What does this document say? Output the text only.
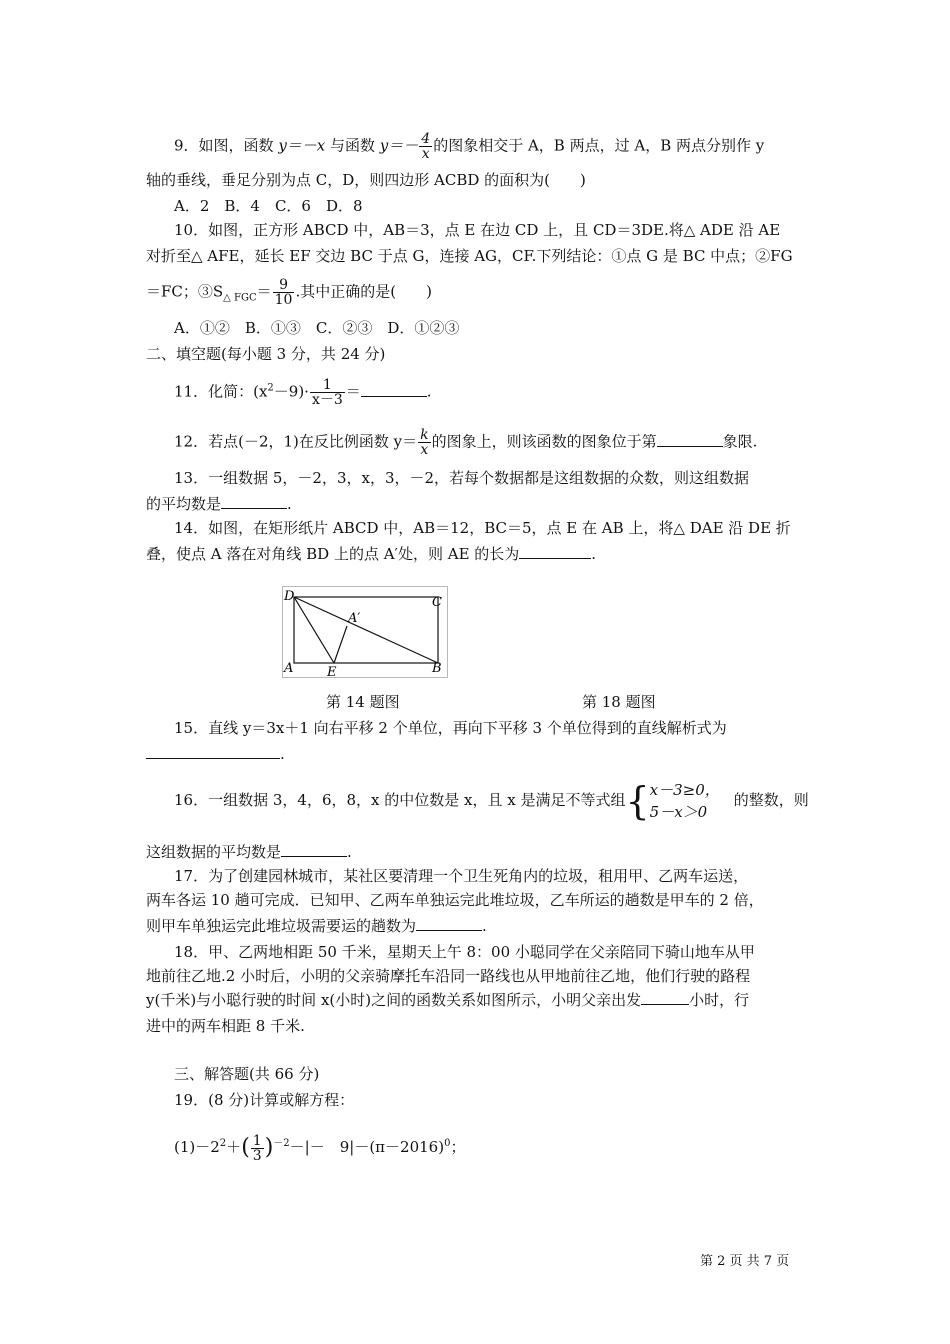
9．如图，函数 y＝－x 与函数 $y=- \frac{4}{x}$ 的图象相交于 A，B 两点，过 A，B 两点分别作 y
轴的垂线，垂足分别为点 C，D，则四边形 ACBD 的面积为(　　)
A．2　B．4　C．6　D．8
10．如图，正方形 ABCD 中，AB＝3，点 E 在边 CD 上，且 CD＝3DE.将△ ADE 沿 AE
对折至△ AFE，延长 EF 交边 BC 于点 G，连接 AG，CF.下列结论：①点 G 是 BC 中点；②FG
＝FC；$③S_{\triangle FGC}= \frac{9}{10}$ .其中正确的是(　　)
A．①②　B．①③　C．②③　D．①②③
二、填空题(每小题 3 分，共 24 分)
11．化简：$(x^2-9)\cdot \frac{1}{x-3}$ ＝	.
12．若点(－2，1)在反比例函数 $y= \frac{k}{x}$ 的图象上，则该函数的图象位于第	象限.
13．一组数据 5，－2，3，x，3，－2，若每个数据都是这组数据的众数，则这组数据
的平均数是	.
14．如图，在矩形纸片 ABCD 中，AB＝12，BC＝5，点 E 在 AB 上，将△ DAE 沿 DE 折
叠，使点 A 落在对角线 BD 上的点 A′处，则 AE 的长为	.
D	C
A′
A	E	B
第 14 题图	第 18 题图
15．直线 y＝3x＋1 向右平移 2 个单位，再向下平移 3 个单位得到的直线解析式为
.
16．一组数据 3，4，6，8，x 的中位数是 x，且 x 是满足不等式组{ x－3≥0，
5－x＞0
的整数，则
这组数据的平均数是	.
17．为了创建园林城市，某社区要清理一个卫生死角内的垃圾，租用甲、乙两车运送，
两车各运 10 趟可完成．已知甲、乙两车单独运完此堆垃圾，乙车所运的趟数是甲车的 2 倍，
则甲车单独运完此堆垃圾需要运的趟数为	.
18．甲、乙两地相距 50 千米，星期天上午 8：00 小聪同学在父亲陪同下骑山地车从甲
地前往乙地.2 小时后，小明的父亲骑摩托车沿同一路线也从甲地前往乙地，他们行驶的路程
y(千米)与小聪行驶的时间 x(小时)之间的函数关系如图所示，小明父亲出发	小时，行
进中的两车相距 8 千米.
三、解答题(共 66 分)
19．(8 分)计算或解方程：
$(1)-2^2+( \frac{1}{3} )^{-2}-|-$　$9|-(\pi-2016)^0$；
第 2 页 共 7 页
